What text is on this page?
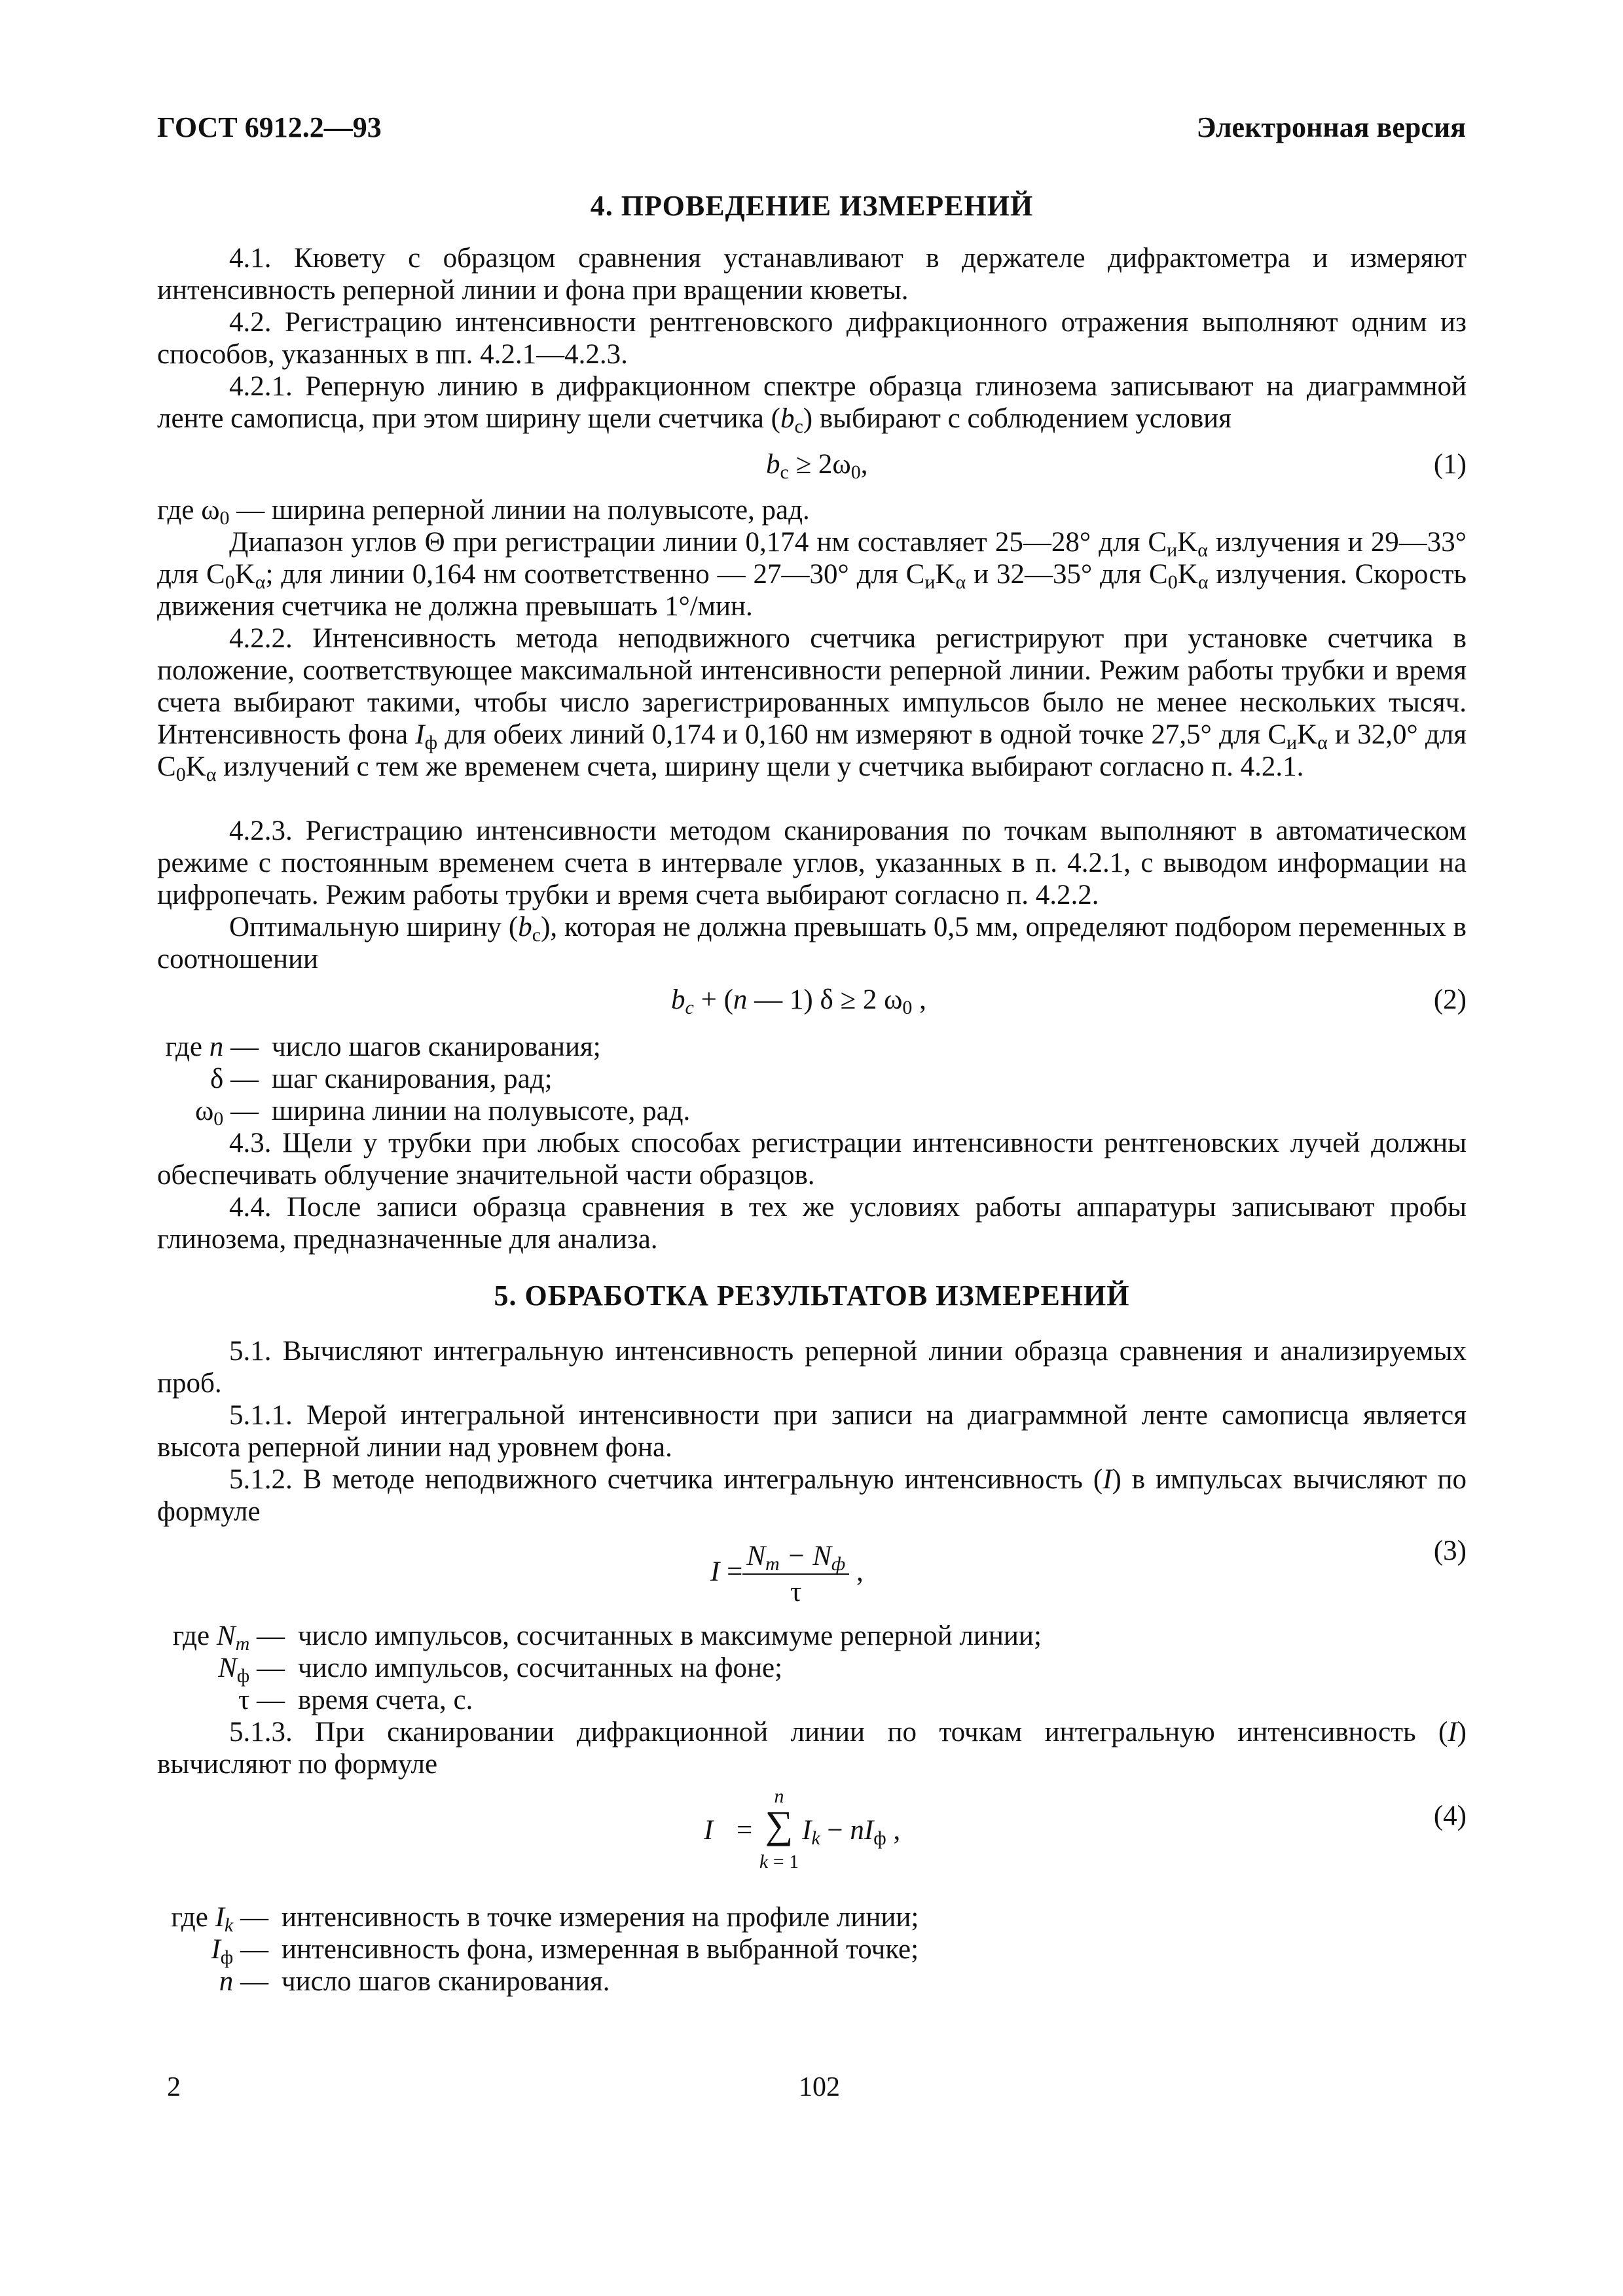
ГОСТ 6912.2—93	Электронная версия
4. ПРОВЕДЕНИЕ ИЗМЕРЕНИЙ
4.1. Кювету с образцом сравнения устанавливают в держателе дифрактометра и измеряют интенсивность реперной линии и фона при вращении кюветы.
4.2. Регистрацию интенсивности рентгеновского дифракционного отражения выполняют одним из способов, указанных в пп. 4.2.1—4.2.3.
4.2.1. Реперную линию в дифракционном спектре образца глинозема записывают на диаграммной ленте самописца, при этом ширину щели счетчика $(b_c)$ выбирают с соблюдением условия
$b_с \ge 2\omega_0$,	(1)
где $\omega_0$ — ширина реперной линии на полувысоте, рад.
Диапазон углов Θ при регистрации линии 0,174 нм составляет 25—28° для $C_иK_\alpha$ излучения и 29—33° для $C_0K_\alpha$; для линии 0,164 нм соответственно — 27—30° для $C_иK_\alpha$ и 32—35° для $C_0K_\alpha$ излучения. Скорость движения счетчика не должна превышать 1°/мин.
4.2.2. Интенсивность метода неподвижного счетчика регистрируют при установке счетчика в положение, соответствующее максимальной интенсивности реперной линии. Режим работы трубки и время счета выбирают такими, чтобы число зарегистрированных импульсов было не менее нескольких тысяч. Интенсивность фона $I_ф$ для обеих линий 0,174 и 0,160 нм измеряют в одной точке 27,5° для $C_иK_\alpha$ и 32,0° для $C_0K_\alpha$ излучений с тем же временем счета, ширину щели у счетчика выбирают согласно п. 4.2.1.
4.2.3. Регистрацию интенсивности методом сканирования по точкам выполняют в автоматическом режиме с постоянным временем счета в интервале углов, указанных в п. 4.2.1, с выводом информации на цифропечать. Режим работы трубки и время счета выбирают согласно п. 4.2.2.
Оптимальную ширину $(b_c)$, которая не должна превышать 0,5 мм, определяют подбором переменных в соотношении
$b_c + (n$ — 1) δ ≥ 2 $\omega_0$ ,	(2)
где n — число шагов сканирования;
δ — шаг сканирования, рад;
$\omega_0$ — ширина линии на полувысоте, рад.
4.3. Щели у трубки при любых способах регистрации интенсивности рентгеновских лучей должны обеспечивать облучение значительной части образцов.
4.4. После записи образца сравнения в тех же условиях работы аппаратуры записывают пробы глинозема, предназначенные для анализа.
5. ОБРАБОТКА РЕЗУЛЬТАТОВ ИЗМЕРЕНИЙ
5.1. Вычисляют интегральную интенсивность реперной линии образца сравнения и анализируемых проб.
5.1.1. Мерой интегральной интенсивности при записи на диаграммной ленте самописца является высота реперной линии над уровнем фона.
5.1.2. В методе неподвижного счетчика интегральную интенсивность (I) в импульсах вычисляют по формуле
$I = \frac{N_m - N_ф}{\tau}$ ,
(3)
где $N_m$ — число импульсов, сосчитанных в максимуме реперной линии;
$N_ф$ — число импульсов, сосчитанных на фоне;
τ — время счета, с.
5.1.3. При сканировании дифракционной линии по точкам интегральную интенсивность (I) вычисляют по формуле
I =
n
∑
k = 1
$I_k - nI_ф$ ,	(4)
где $I_k$ — интенсивность в точке измерения на профиле линии;
$I_ф$ — интенсивность фона, измеренная в выбранной точке;
n — число шагов сканирования.
2	102
